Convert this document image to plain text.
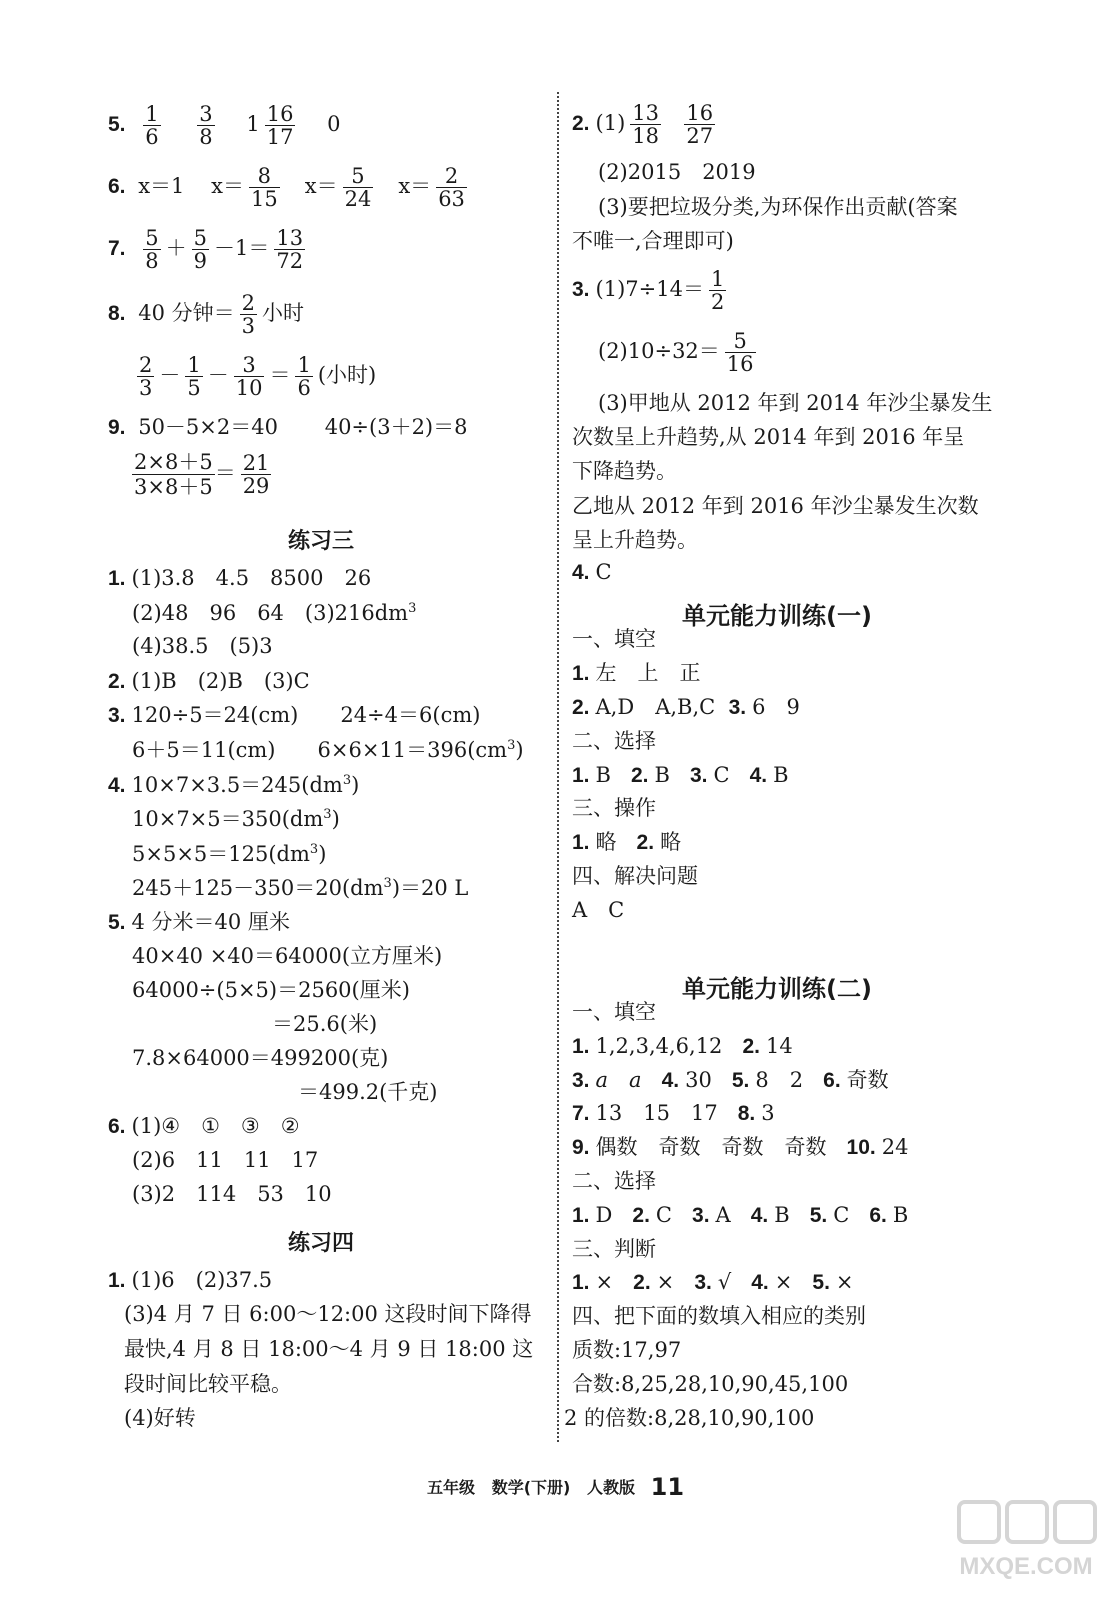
5. $\frac{1}{6}$
$\frac{3}{8} 1 \frac{16}{17} 0$
6. x＝1 $x= \frac{8}{15} x= \frac{5}{24} x= \frac{2}{63}$
7. $\frac{5}{8} + \frac{5}{9} -1= \frac{13}{72}$
8. 40 分钟＝ $\frac{2}{3}$ 小时
$\frac{2}{3} - \frac{1}{5} - \frac{3}{10} = \frac{1}{6}$ (小时)
9. 50－5×2＝40 40÷(3＋2)＝8
$\frac{2\times 8+5}{3\times 8+5} = \frac{21}{29}$
练习三
1. (1)3.8　4.5　8500　26
(2)48　96　64　$(3)216dm^3$
(4)38.5　(5)3
2. (1)B　(2)B　(3)C
3. 120÷5＝24(cm)　　24÷4＝6(cm)
6＋5＝11(cm)　　$6\times 6\times 11=396(cm^3)$
4. $10\times 7\times 3.5=245(dm^3)$
$10\times 7\times 5=350(dm^3)$
$5\times 5\times 5=125(dm^3)$
$245+125-350=20(dm^3)=20$ L
5. 4 分米＝40 厘米
40×40 ×40＝64000(立方厘米)
64000÷(5×5)＝2560(厘米)
＝25.6(米)
7.8×64000＝499200(克)
＝499.2(千克)
6. (1)④　①　③　②
(2)6　11　11　17
(3)2　114　53　10
练习四
1. (1)6　(2)37.5
(3)4 月 7 日 6:00～12:00 这段时间下降得
最快,4 月 8 日 18:00～4 月 9 日 18:00 这
段时间比较平稳。
(4)好转
2. $(1) \frac{13}{18}$
$\frac{16}{27}$
(2)2015　2019
(3)要把垃圾分类,为环保作出贡献(答案
不唯一,合理即可)
3. $(1)7\div 14= \frac{1}{2}$
$(2)10\div 32= \frac{5}{16}$
(3)甲地从 2012 年到 2014 年沙尘暴发生
次数呈上升趋势,从 2014 年到 2016 年呈
下降趋势。
乙地从 2012 年到 2016 年沙尘暴发生次数
呈上升趋势。
4. C
单元能力训练(一)
一、填空
1. 左　上　正
2. A,D　A,B,C 3. 6　9
二、选择
1. B 2. B 3. C 4. B
三、操作
1. 略 2. 略
四、解决问题
A　C
单元能力训练(二)
一、填空
1. 1,2,3,4,6,12 2. 14
3. a　a 4. 30 5. 8　2 6. 奇数
7. 13　15　17 8. 3
9. 偶数　奇数　奇数　奇数 10. 24
二、选择
1. D 2. C 3. A 4. B 5. C 6. B
三、判断
1. × 2. × 3. √ 4. × 5. ×
四、把下面的数填入相应的类别
质数:17,97
合数:8,25,28,10,90,45,100
2 的倍数:8,28,10,90,100
五年级 数学(下册) 人教版 11
MXQE.COM
